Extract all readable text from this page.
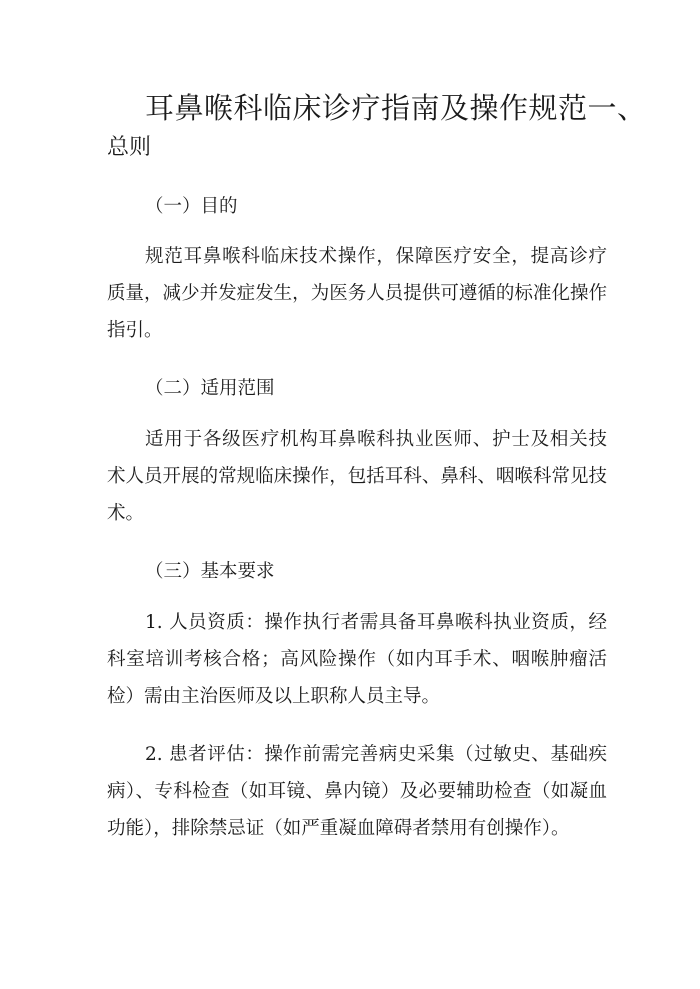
耳鼻喉科临床诊疗指南及操作规范一、
总则
（一）目的

规范耳鼻喉科临床技术操作，保障医疗安全，提高诊疗质量，减少并发症发生，为医务人员提供可遵循的标准化操作指引。

（二）适用范围

适用于各级医疗机构耳鼻喉科执业医师、护士及相关技术人员开展的常规临床操作，包括耳科、鼻科、咽喉科常见技术。

（三）基本要求

1. 人员资质：操作执行者需具备耳鼻喉科执业资质，经科室培训考核合格；高风险操作（如内耳手术、咽喉肿瘤活检）需由主治医师及以上职称人员主导。

2. 患者评估：操作前需完善病史采集（过敏史、基础疾病）、专科检查（如耳镜、鼻内镜）及必要辅助检查（如凝血功能），排除禁忌证（如严重凝血障碍者禁用有创操作）。
